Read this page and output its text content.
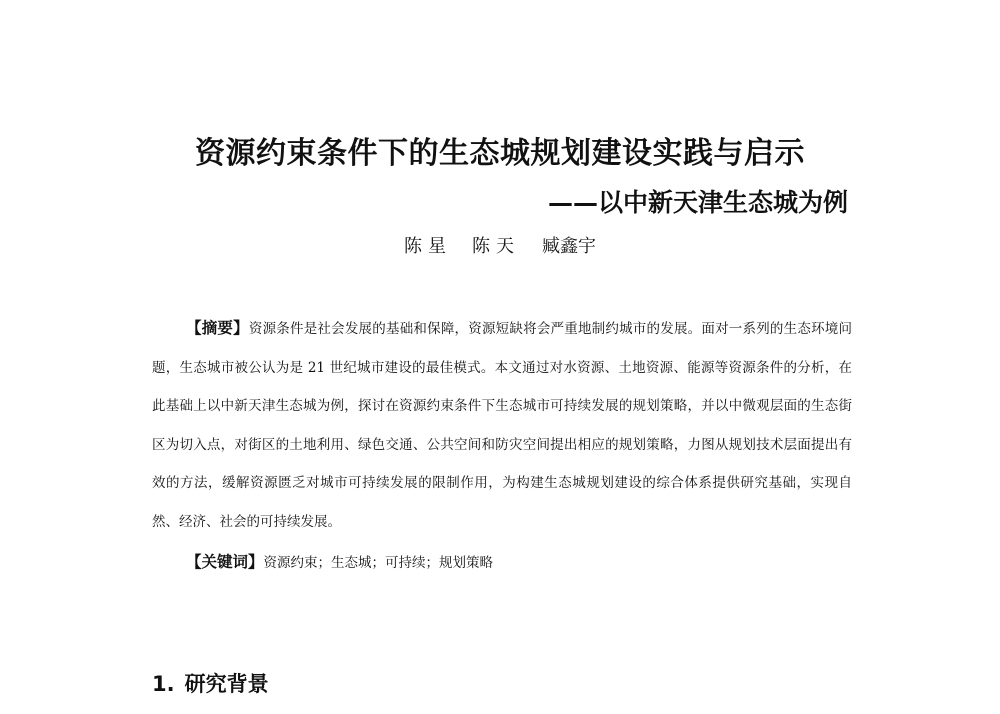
资源约束条件下的生态城规划建设实践与启示
——以中新天津生态城为例

陈星 陈天 臧鑫宇

【摘要】资源条件是社会发展的基础和保障，资源短缺将会严重地制约城市的发展。面对一系列的生态环境问题，生态城市被公认为是 21 世纪城市建设的最佳模式。本文通过对水资源、土地资源、能源等资源条件的分析，在此基础上以中新天津生态城为例，探讨在资源约束条件下生态城市可持续发展的规划策略，并以中微观层面的生态街区为切入点，对街区的土地利用、绿色交通、公共空间和防灾空间提出相应的规划策略，力图从规划技术层面提出有效的方法，缓解资源匮乏对城市可持续发展的限制作用，为构建生态城规划建设的综合体系提供研究基础，实现自然、经济、社会的可持续发展。

【关键词】资源约束；生态城；可持续；规划策略

1. 研究背景
